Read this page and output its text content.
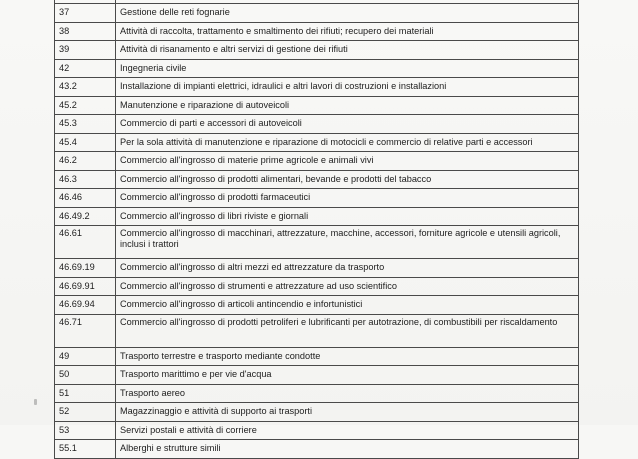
37	Gestione delle reti fognarie
38	Attività di raccolta, trattamento e smaltimento dei rifiuti; recupero dei materiali
39	Attività di risanamento e altri servizi di gestione dei rifiuti
42	Ingegneria civile
43.2	Installazione di impianti elettrici, idraulici e altri lavori di costruzioni e installazioni
45.2	Manutenzione e riparazione di autoveicoli
45.3	Commercio di parti e accessori di autoveicoli
45.4	Per la sola attività di manutenzione e riparazione di motocicli e commercio di relative parti e accessori
46.2	Commercio all'ingrosso di materie prime agricole e animali vivi
46.3	Commercio all'ingrosso di prodotti alimentari, bevande e prodotti del tabacco
46.46	Commercio all'ingrosso di prodotti farmaceutici
46.49.2	Commercio all'ingrosso di libri riviste e giornali
46.61	Commercio all'ingrosso di macchinari, attrezzature, macchine, accessori, forniture agricole e utensili agricoli, inclusi i trattori
46.69.19	Commercio all'ingrosso di altri mezzi ed attrezzature da trasporto
46.69.91	Commercio all'ingrosso di strumenti e attrezzature ad uso scientifico
46.69.94	Commercio all'ingrosso di articoli antincendio e infortunistici
46.71	Commercio all'ingrosso di prodotti petroliferi e lubrificanti per autotrazione, di combustibili per riscaldamento
49	Trasporto terrestre e trasporto mediante condotte
50	Trasporto marittimo e per vie d'acqua
51	Trasporto aereo
52	Magazzinaggio e attività di supporto ai trasporti
53	Servizi postali e attività di corriere
55.1	Alberghi e strutture simili
